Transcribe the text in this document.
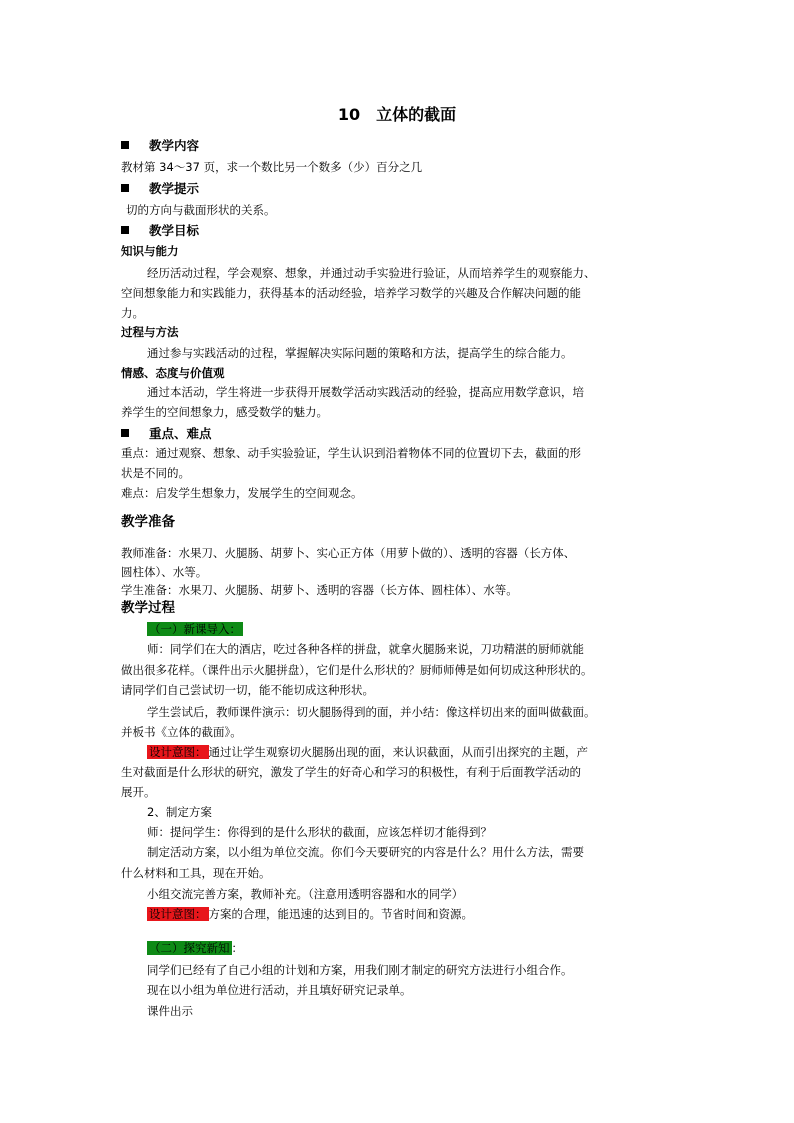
10　立体的截面
教学内容
教材第 34～37 页，求一个数比另一个数多（少）百分之几
教学提示
切的方向与截面形状的关系。
教学目标
知识与能力
经历活动过程，学会观察、想象，并通过动手实验进行验证，从而培养学生的观察能力、
空间想象能力和实践能力，获得基本的活动经验，培养学习数学的兴趣及合作解决问题的能
力。
过程与方法
通过参与实践活动的过程，掌握解决实际问题的策略和方法，提高学生的综合能力。
情感、态度与价值观
通过本活动，学生将进一步获得开展数学活动实践活动的经验，提高应用数学意识，培
养学生的空间想象力，感受数学的魅力。
重点、难点
重点：通过观察、想象、动手实验验证，学生认识到沿着物体不同的位置切下去，截面的形
状是不同的。
难点：启发学生想象力，发展学生的空间观念。
教学准备
教师准备：水果刀、火腿肠、胡萝卜、实心正方体（用萝卜做的）、透明的容器（长方体、
圆柱体）、水等。
学生准备：水果刀、火腿肠、胡萝卜、透明的容器（长方体、圆柱体）、水等。
教学过程
（一）新课导入：
师：同学们在大的酒店，吃过各种各样的拼盘，就拿火腿肠来说，刀功精湛的厨师就能
做出很多花样。（课件出示火腿拼盘），它们是什么形状的？厨师师傅是如何切成这种形状的。
请同学们自己尝试切一切，能不能切成这种形状。
学生尝试后，教师课件演示：切火腿肠得到的面，并小结：像这样切出来的面叫做截面。
并板书《立体的截面》。
设计意图： 通过让学生观察切火腿肠出现的面，来认识截面，从而引出探究的主题，产
生对截面是什么形状的研究，激发了学生的好奇心和学习的积极性，有利于后面教学活动的
展开。
2、制定方案
师：提问学生：你得到的是什么形状的截面，应该怎样切才能得到？
制定活动方案，以小组为单位交流。你们今天要研究的内容是什么？用什么方法，需要
什么材料和工具，现在开始。
小组交流完善方案，教师补充。（注意用透明容器和水的同学）
设计意图： 方案的合理，能迅速的达到目的。节省时间和资源。
（二）探究新知 ：
同学们已经有了自己小组的计划和方案，用我们刚才制定的研究方法进行小组合作。
现在以小组为单位进行活动，并且填好研究记录单。
课件出示
